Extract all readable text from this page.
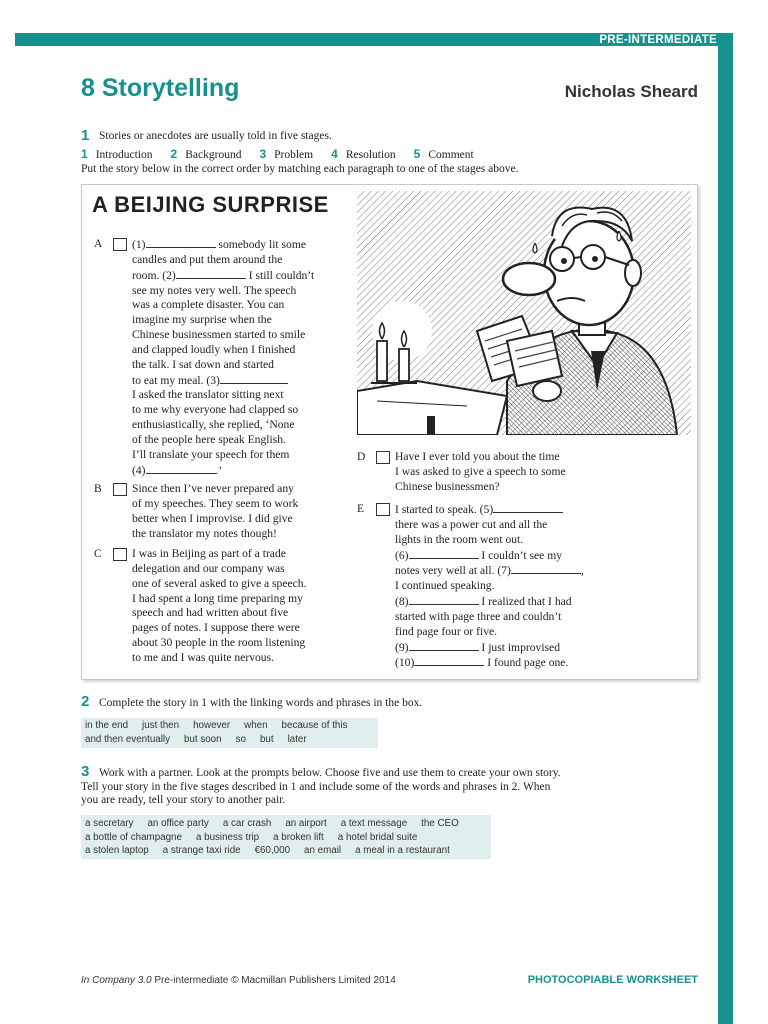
PRE-INTERMEDIATE
8 Storytelling	Nicholas Sheard
1 Stories or anecdotes are usually told in five stages.
1 Introduction 2 Background 3 Problem 4 Resolution 5 Comment
Put the story below in the correct order by matching each paragraph to one of the stages above.
A BEIJING SURPRISE
A	(1)	somebody lit some
candles and put them around the
room. (2)	I still couldn’t
see my notes very well. The speech
was a complete disaster. You can
imagine my surprise when the
Chinese businessmen started to smile
and clapped loudly when I finished
the talk. I sat down and started
to eat my meal. (3)
I asked the translator sitting next
to me why everyone had clapped so
enthusiastically, she replied, ‘None
of the people here speak English.
I’ll translate your speech for them
(4)	.’
B	Since then I’ve never prepared any
of my speeches. They seem to work
better when I improvise. I did give
the translator my notes though!
C	I was in Beijing as part of a trade
delegation and our company was
one of several asked to give a speech.
I had spent a long time preparing my
speech and had written about five
pages of notes. I suppose there were
about 30 people in the room listening
to me and I was quite nervous.
D	Have I ever told you about the time
I was asked to give a speech to some
Chinese businessmen?
E	I started to speak. (5)
there was a power cut and all the
lights in the room went out.
(6)	I couldn’t see my
notes very well at all. (7)	,
I continued speaking.
(8)	I realized that I had
started with page three and couldn’t
find page four or five.
(9)	I just improvised
(10)	I found page one.
2 Complete the story in 1 with the linking words and phrases in the box.
in the end just then however when because of this
and then eventually but soon so but later
3 Work with a partner. Look at the prompts below. Choose five and use them to create your own story. Tell your story in the five stages described in 1 and include some of the words and phrases in 2. When you are ready, tell your story to another pair.
a secretary an office party a car crash an airport a text message the CEO
a bottle of champagne a business trip a broken lift a hotel bridal suite
a stolen laptop a strange taxi ride €60,000 an email a meal in a restaurant
In Company 3.0 Pre-intermediate © Macmillan Publishers Limited 2014	PHOTOCOPIABLE WORKSHEET
